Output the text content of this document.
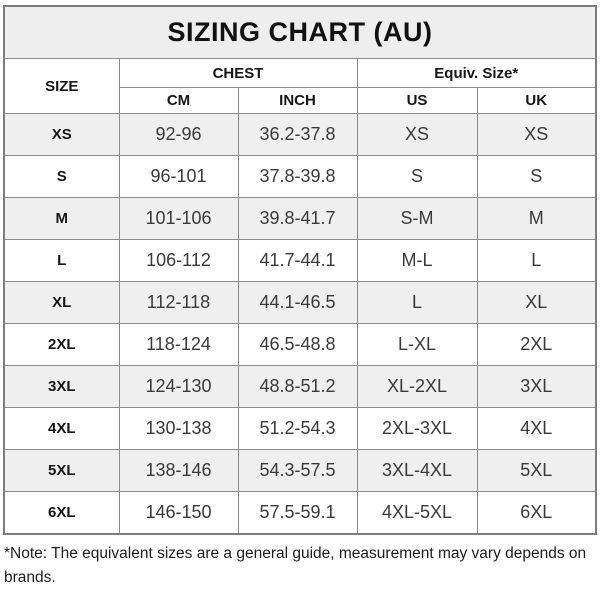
SIZING CHART (AU)				
SIZE	CHEST		Equiv. Size*	
	CM	INCH	US	UK
XS	92-96	36.2-37.8	XS	XS
S	96-101	37.8-39.8	S	S
M	101-106	39.8-41.7	S-M	M
L	106-112	41.7-44.1	M-L	L
XL	112-118	44.1-46.5	L	XL
2XL	118-124	46.5-48.8	L-XL	2XL
3XL	124-130	48.8-51.2	XL-2XL	3XL
4XL	130-138	51.2-54.3	2XL-3XL	4XL
5XL	138-146	54.3-57.5	3XL-4XL	5XL
6XL	146-150	57.5-59.1	4XL-5XL	6XL
*Note: The equivalent sizes are a general guide, measurement may vary depends on brands.
